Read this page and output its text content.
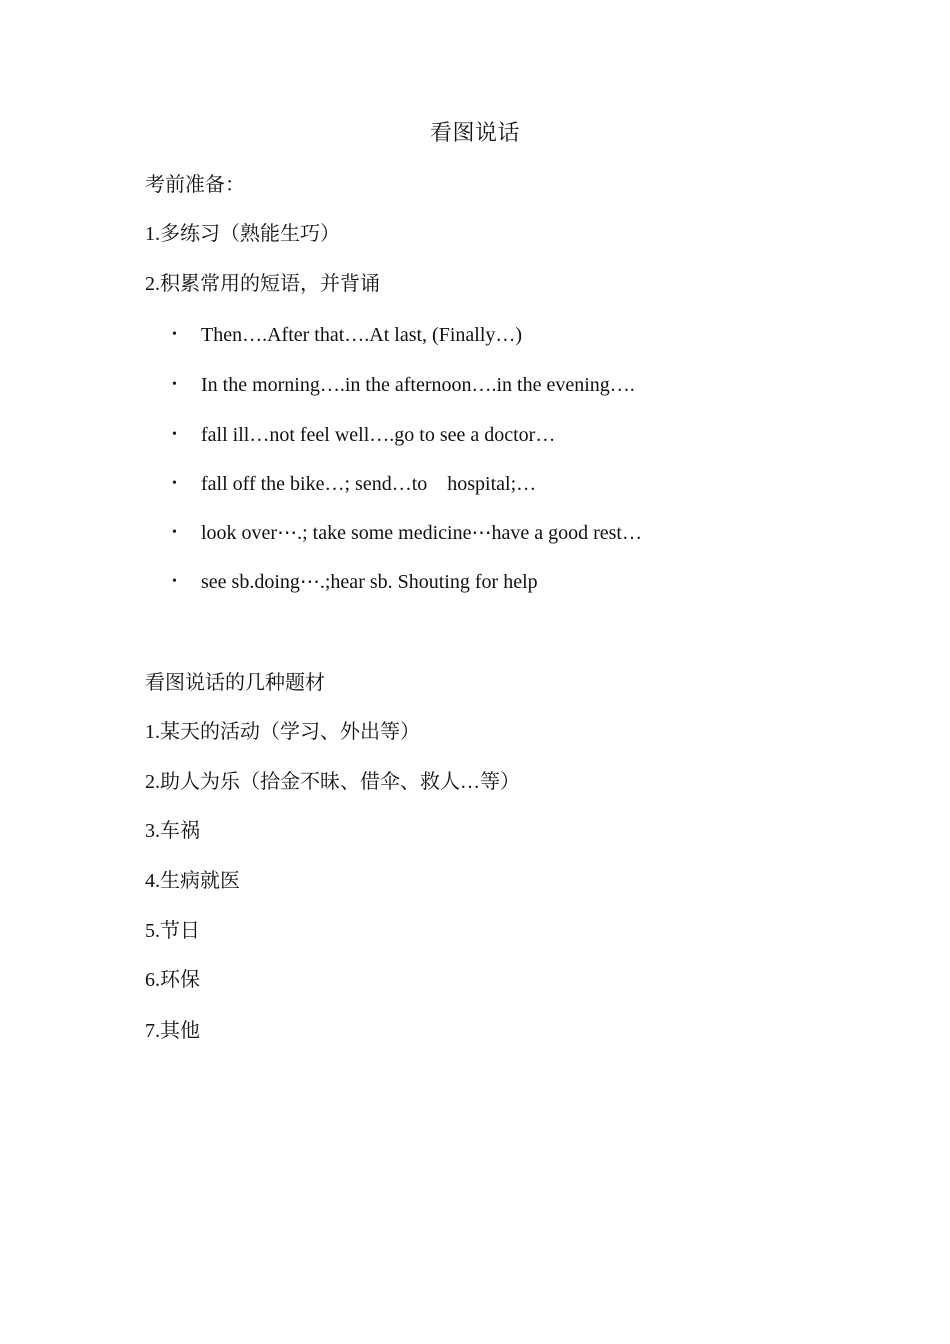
看图说话
考前准备：
1.多练习（熟能生巧）
2.积累常用的短语，并背诵
• Then….After that….At last, (Finally…)
• In the morning….in the afternoon….in the evening….
• fall ill…not feel well….go to see a doctor…
• fall off the bike…; send…to    hospital;…
• look over⋯.; take some medicine⋯have a good rest…
• see sb.doing⋯.;hear sb. Shouting for help
看图说话的几种题材
1.某天的活动（学习、外出等）
2.助人为乐（拾金不昧、借伞、救人…等）
3.车祸
4.生病就医
5.节日
6.环保
7.其他
